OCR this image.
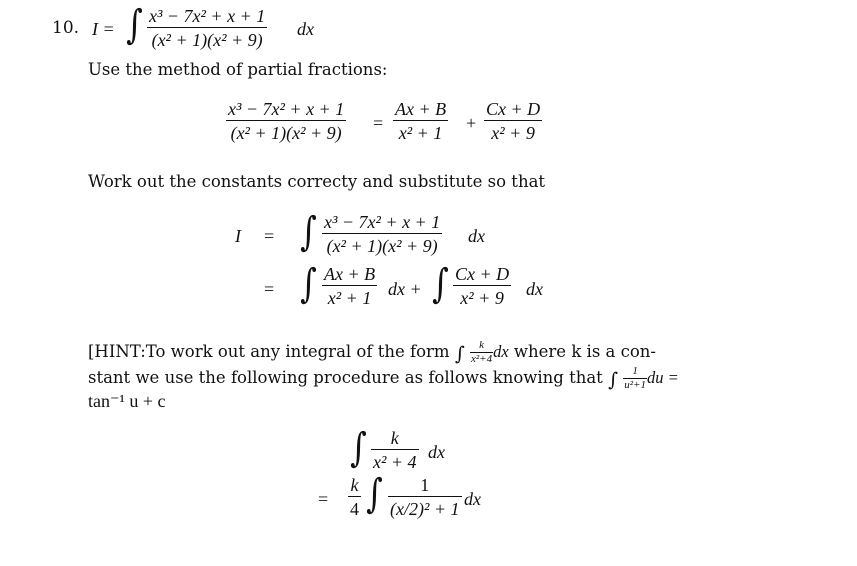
10. I = ∫ $\frac{\text{x³ − 7x² + x + 1}}{\text{(x² + 1)(x² + 9)}}$ dx
Use the method of partial fractions:
$\frac{\text{x³ − 7x² + x + 1}}{\text{(x² + 1)(x² + 9)}} = \frac{Ax + B}{\text{x² + 1}} + \frac{Cx + D}{\text{x² + 9}}$
Work out the constants correcty and substitute so that
I = ∫ $\frac{\text{x³ − 7x² + x + 1}}{\text{(x² + 1)(x² + 9)}}$ dx
= ∫ $\frac{Ax + B}{\text{x² + 1}}$ dx + ∫ $\frac{Cx + D}{\text{x² + 9}}$ dx
[HINT:To work out any integral of the form ∫ $\frac{k}{\text{x²+4}}$ dx where k is a con-
stant we use the following procedure as follows knowing that ∫ $\frac{1}{\text{u²+1}}$ du =
tan⁻¹ u + c
∫ $\frac{k}{\text{x² + 4}}$ dx
= $\frac{k}{4}$ ∫ $\frac{1}{\text{(x/2)² + 1}}$ dx
